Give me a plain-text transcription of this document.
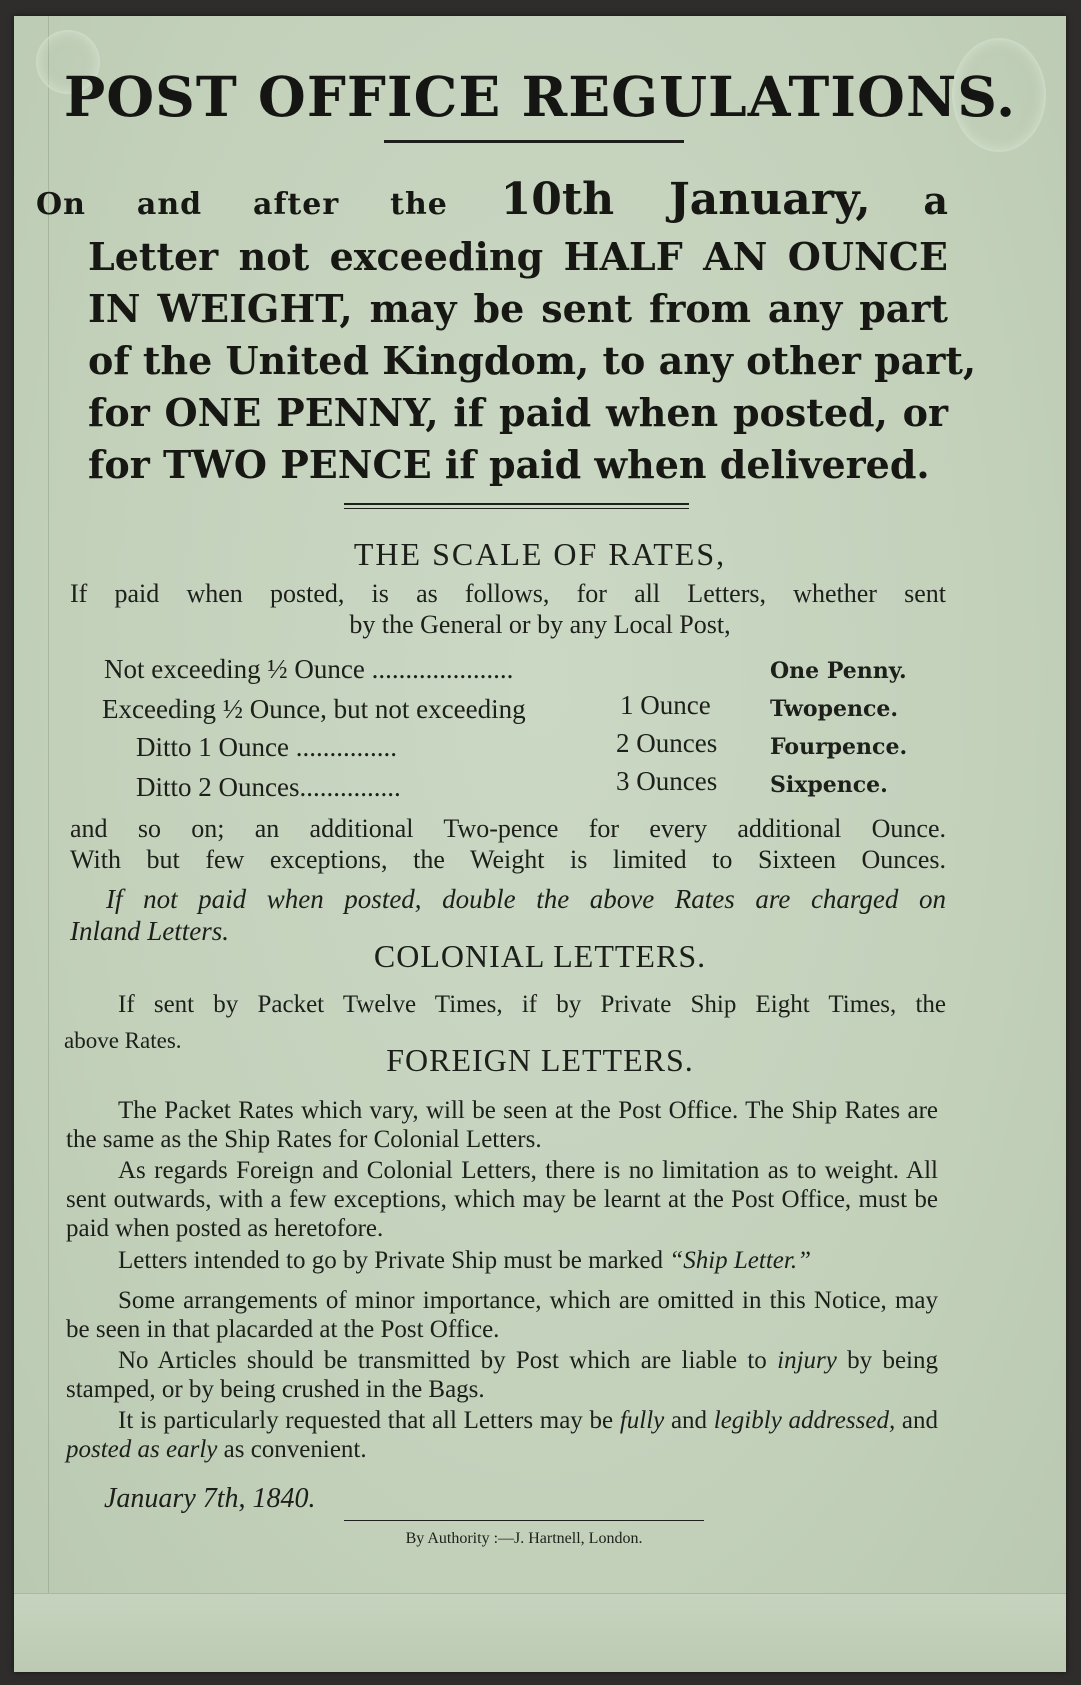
POST OFFICE REGULATIONS.
On and after the 10th January, a
Letter not exceeding HALF AN OUNCE
IN WEIGHT, may be sent from any part
of the United Kingdom, to any other part,
for ONE PENNY, if paid when posted, or
for TWO PENCE if paid when delivered.
THE SCALE OF RATES,
If paid when posted, is as follows, for all Letters, whether sent
by the General or by any Local Post,
Not exceeding ½ Ounce .....................	One Penny.
Exceeding ½ Ounce, but not exceeding	1 Ounce	Twopence.
Ditto 1 Ounce ...............	2 Ounces Fourpence.
Ditto 2 Ounces...............	3 Ounces Sixpence.
and so on; an additional Two-pence for every additional Ounce.
With but few exceptions, the Weight is limited to Sixteen Ounces.
If not paid when posted, double the above Rates are charged on
Inland Letters.
COLONIAL LETTERS.
If sent by Packet Twelve Times, if by Private Ship Eight Times, the
above Rates.
FOREIGN LETTERS.
The Packet Rates which vary, will be seen at the Post Office. The Ship Rates are the same as the Ship Rates for Colonial Letters.
As regards Foreign and Colonial Letters, there is no limitation as to weight. All sent outwards, with a few exceptions, which may be learnt at the Post Office, must be paid when posted as heretofore.
Letters intended to go by Private Ship must be marked “Ship Letter.”
Some arrangements of minor importance, which are omitted in this Notice, may be seen in that placarded at the Post Office.
No Articles should be transmitted by Post which are liable to injury by being stamped, or by being crushed in the Bags.
It is particularly requested that all Letters may be fully and legibly addressed, and posted as early as convenient.
January 7th, 1840.
By Authority :—J. Hartnell, London.
